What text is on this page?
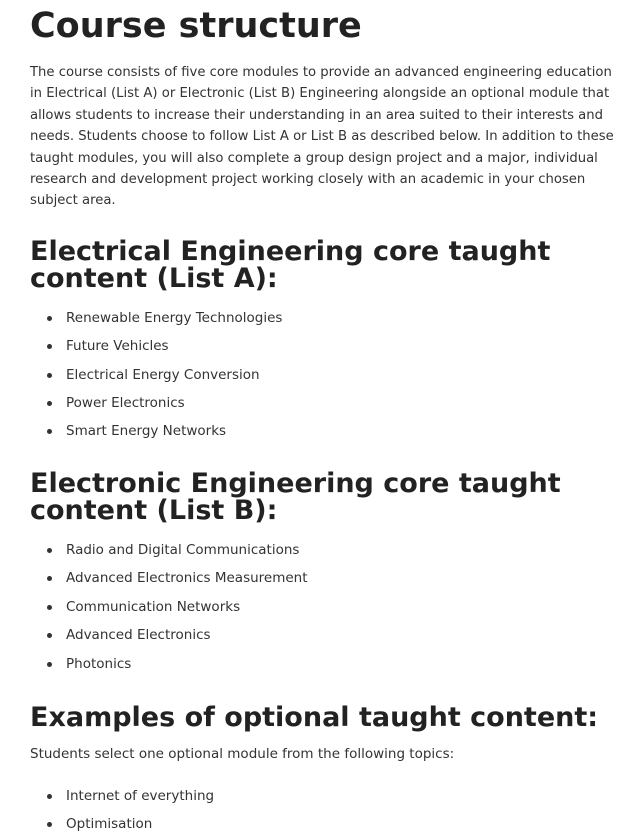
Course structure

The course consists of five core modules to provide an advanced engineering education in Electrical (List A) or Electronic (List B) Engineering alongside an optional module that allows students to increase their understanding in an area suited to their interests and needs. Students choose to follow List A or List B as described below. In addition to these taught modules, you will also complete a group design project and a major, individual research and development project working closely with an academic in your chosen subject area.

Electrical Engineering core taught content (List A):
Renewable Energy Technologies
Future Vehicles
Electrical Energy Conversion
Power Electronics
Smart Energy Networks
Electronic Engineering core taught content (List B):
Radio and Digital Communications
Advanced Electronics Measurement
Communication Networks
Advanced Electronics
Photonics
Examples of optional taught content:

Students select one optional module from the following topics:

Internet of everything
Optimisation
